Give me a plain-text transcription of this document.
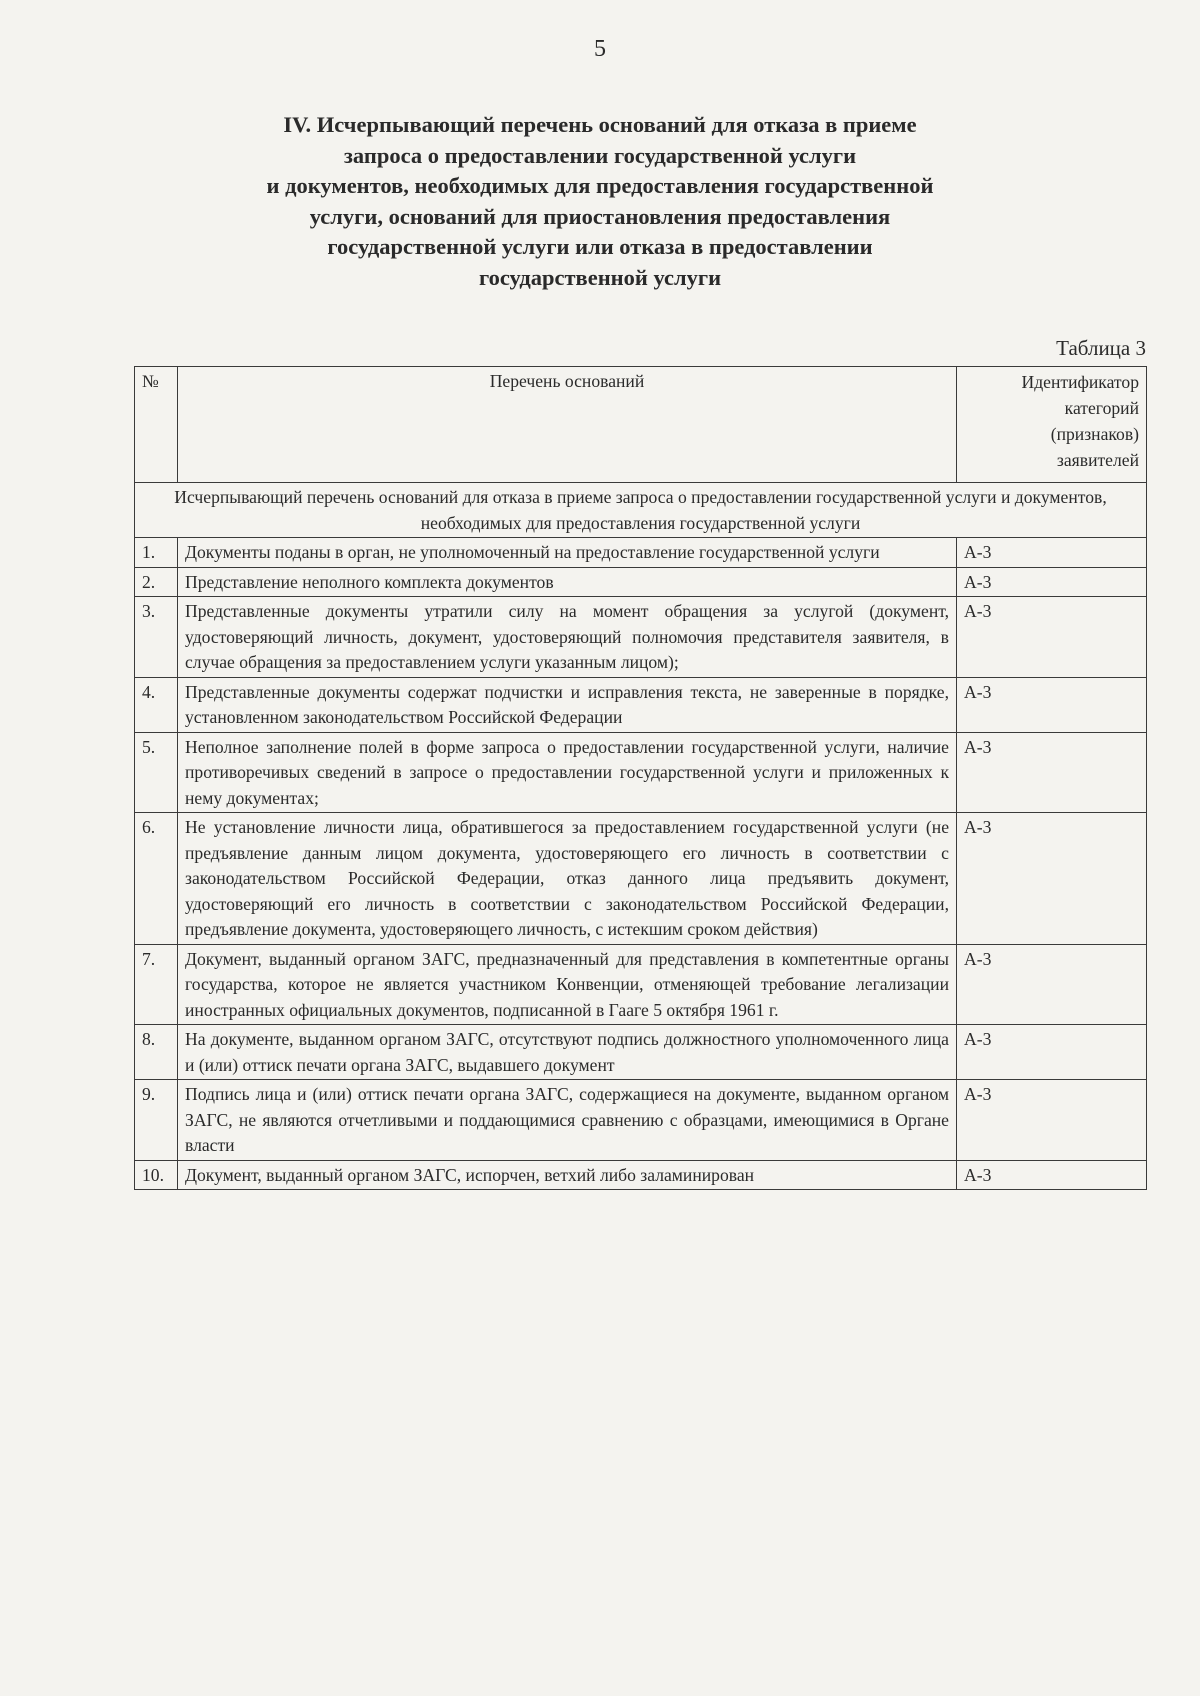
5
IV. Исчерпывающий перечень оснований для отказа в приеме
запроса о предоставлении государственной услуги
и документов, необходимых для предоставления государственной
услуги, оснований для приостановления предоставления
государственной услуги или отказа в предоставлении
государственной услуги
Таблица 3
№	Перечень оснований	Идентификатор
категорий
(признаков)
заявителей

Исчерпывающий перечень оснований для отказа в приеме запроса о предоставлении государственной услуги и документов, необходимых для предоставления государственной услуги		
1.	Документы поданы в орган, не уполномоченный на предоставление государственной услуги	А-3
2.	Представление неполного комплекта документов	А-3
3.	Представленные документы утратили силу на момент обращения за услугой (документ, удостоверяющий личность, документ, удостоверяющий полномочия представителя заявителя, в случае обращения за предоставлением услуги указанным лицом);	А-3
4.	Представленные документы содержат подчистки и исправления текста, не заверенные в порядке, установленном законодательством Российской Федерации	А-3
5.	Неполное заполнение полей в форме запроса о предоставлении государственной услуги, наличие противоречивых сведений в запросе о предоставлении государственной услуги и приложенных к нему документах;	А-3
6.	Не установление личности лица, обратившегося за предоставлением государственной услуги (не предъявление данным лицом документа, удостоверяющего его личность в соответствии с законодательством Российской Федерации, отказ данного лица предъявить документ, удостоверяющий его личность в соответствии с законодательством Российской Федерации, предъявление документа, удостоверяющего личность, с истекшим сроком действия)	А-3
7.	Документ, выданный органом ЗАГС, предназначенный для представления в компетентные органы государства, которое не является участником Конвенции, отменяющей требование легализации иностранных официальных документов, подписанной в Гааге 5 октября 1961 г.	А-3
8.	На документе, выданном органом ЗАГС, отсутствуют подпись должностного уполномоченного лица и (или) оттиск печати органа ЗАГС, выдавшего документ	А-3
9.	Подпись лица и (или) оттиск печати органа ЗАГС, содержащиеся на документе, выданном органом ЗАГС, не являются отчетливыми и поддающимися сравнению с образцами, имеющимися в Органе власти	А-3
10.	Документ, выданный органом ЗАГС, испорчен, ветхий либо заламинирован	А-3
